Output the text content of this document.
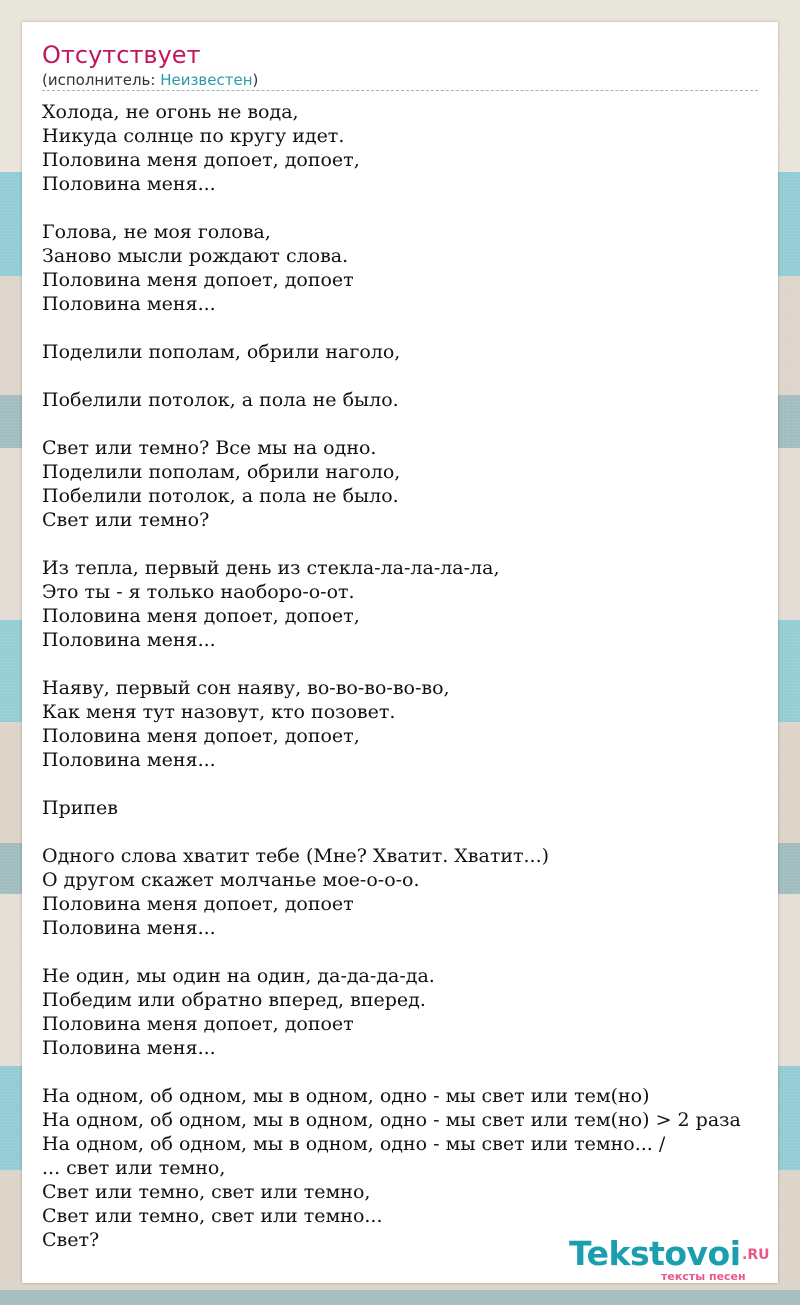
Отсутствует
(исполнитель: Неизвестен)
Холода, не огонь не вода,
Никуда солнце по кругу идет.
Половина меня допоет, допоет,
Половина меня...

Голова, не моя голова,
Заново мысли рождают слова.
Половина меня допоет, допоет
Половина меня...

Поделили пополам, обрили наголо,

Побелили потолок, а пола не было.

Свет или темно? Все мы на одно.
Поделили пополам, обрили наголо,
Побелили потолок, а пола не было.
Свет или темно?

Из тепла, первый день из стекла-ла-ла-ла-ла,
Это ты - я только наоборо-о-от.
Половина меня допоет, допоет,
Половина меня...

Наяву, первый сон наяву, во-во-во-во-во,
Как меня тут назовут, кто позовет.
Половина меня допоет, допоет,
Половина меня...

Припев

Одного слова хватит тебе (Мне? Хватит. Хватит...)
О другом скажет молчанье мое-о-о-о.
Половина меня допоет, допоет
Половина меня...

Не один, мы один на один, да-да-да-да.
Победим или обратно вперед, вперед.
Половина меня допоет, допоет
Половина меня...

На одном, об одном, мы в одном, одно - мы свет или тем(но)
На одном, об одном, мы в одном, одно - мы свет или тем(но) > 2 раза
На одном, об одном, мы в одном, одно - мы свет или темно... /
... свет или темно,
Свет или темно, свет или темно,
Свет или темно, свет или темно...
Свет?	Tekstovoi .RU
тексты песен
